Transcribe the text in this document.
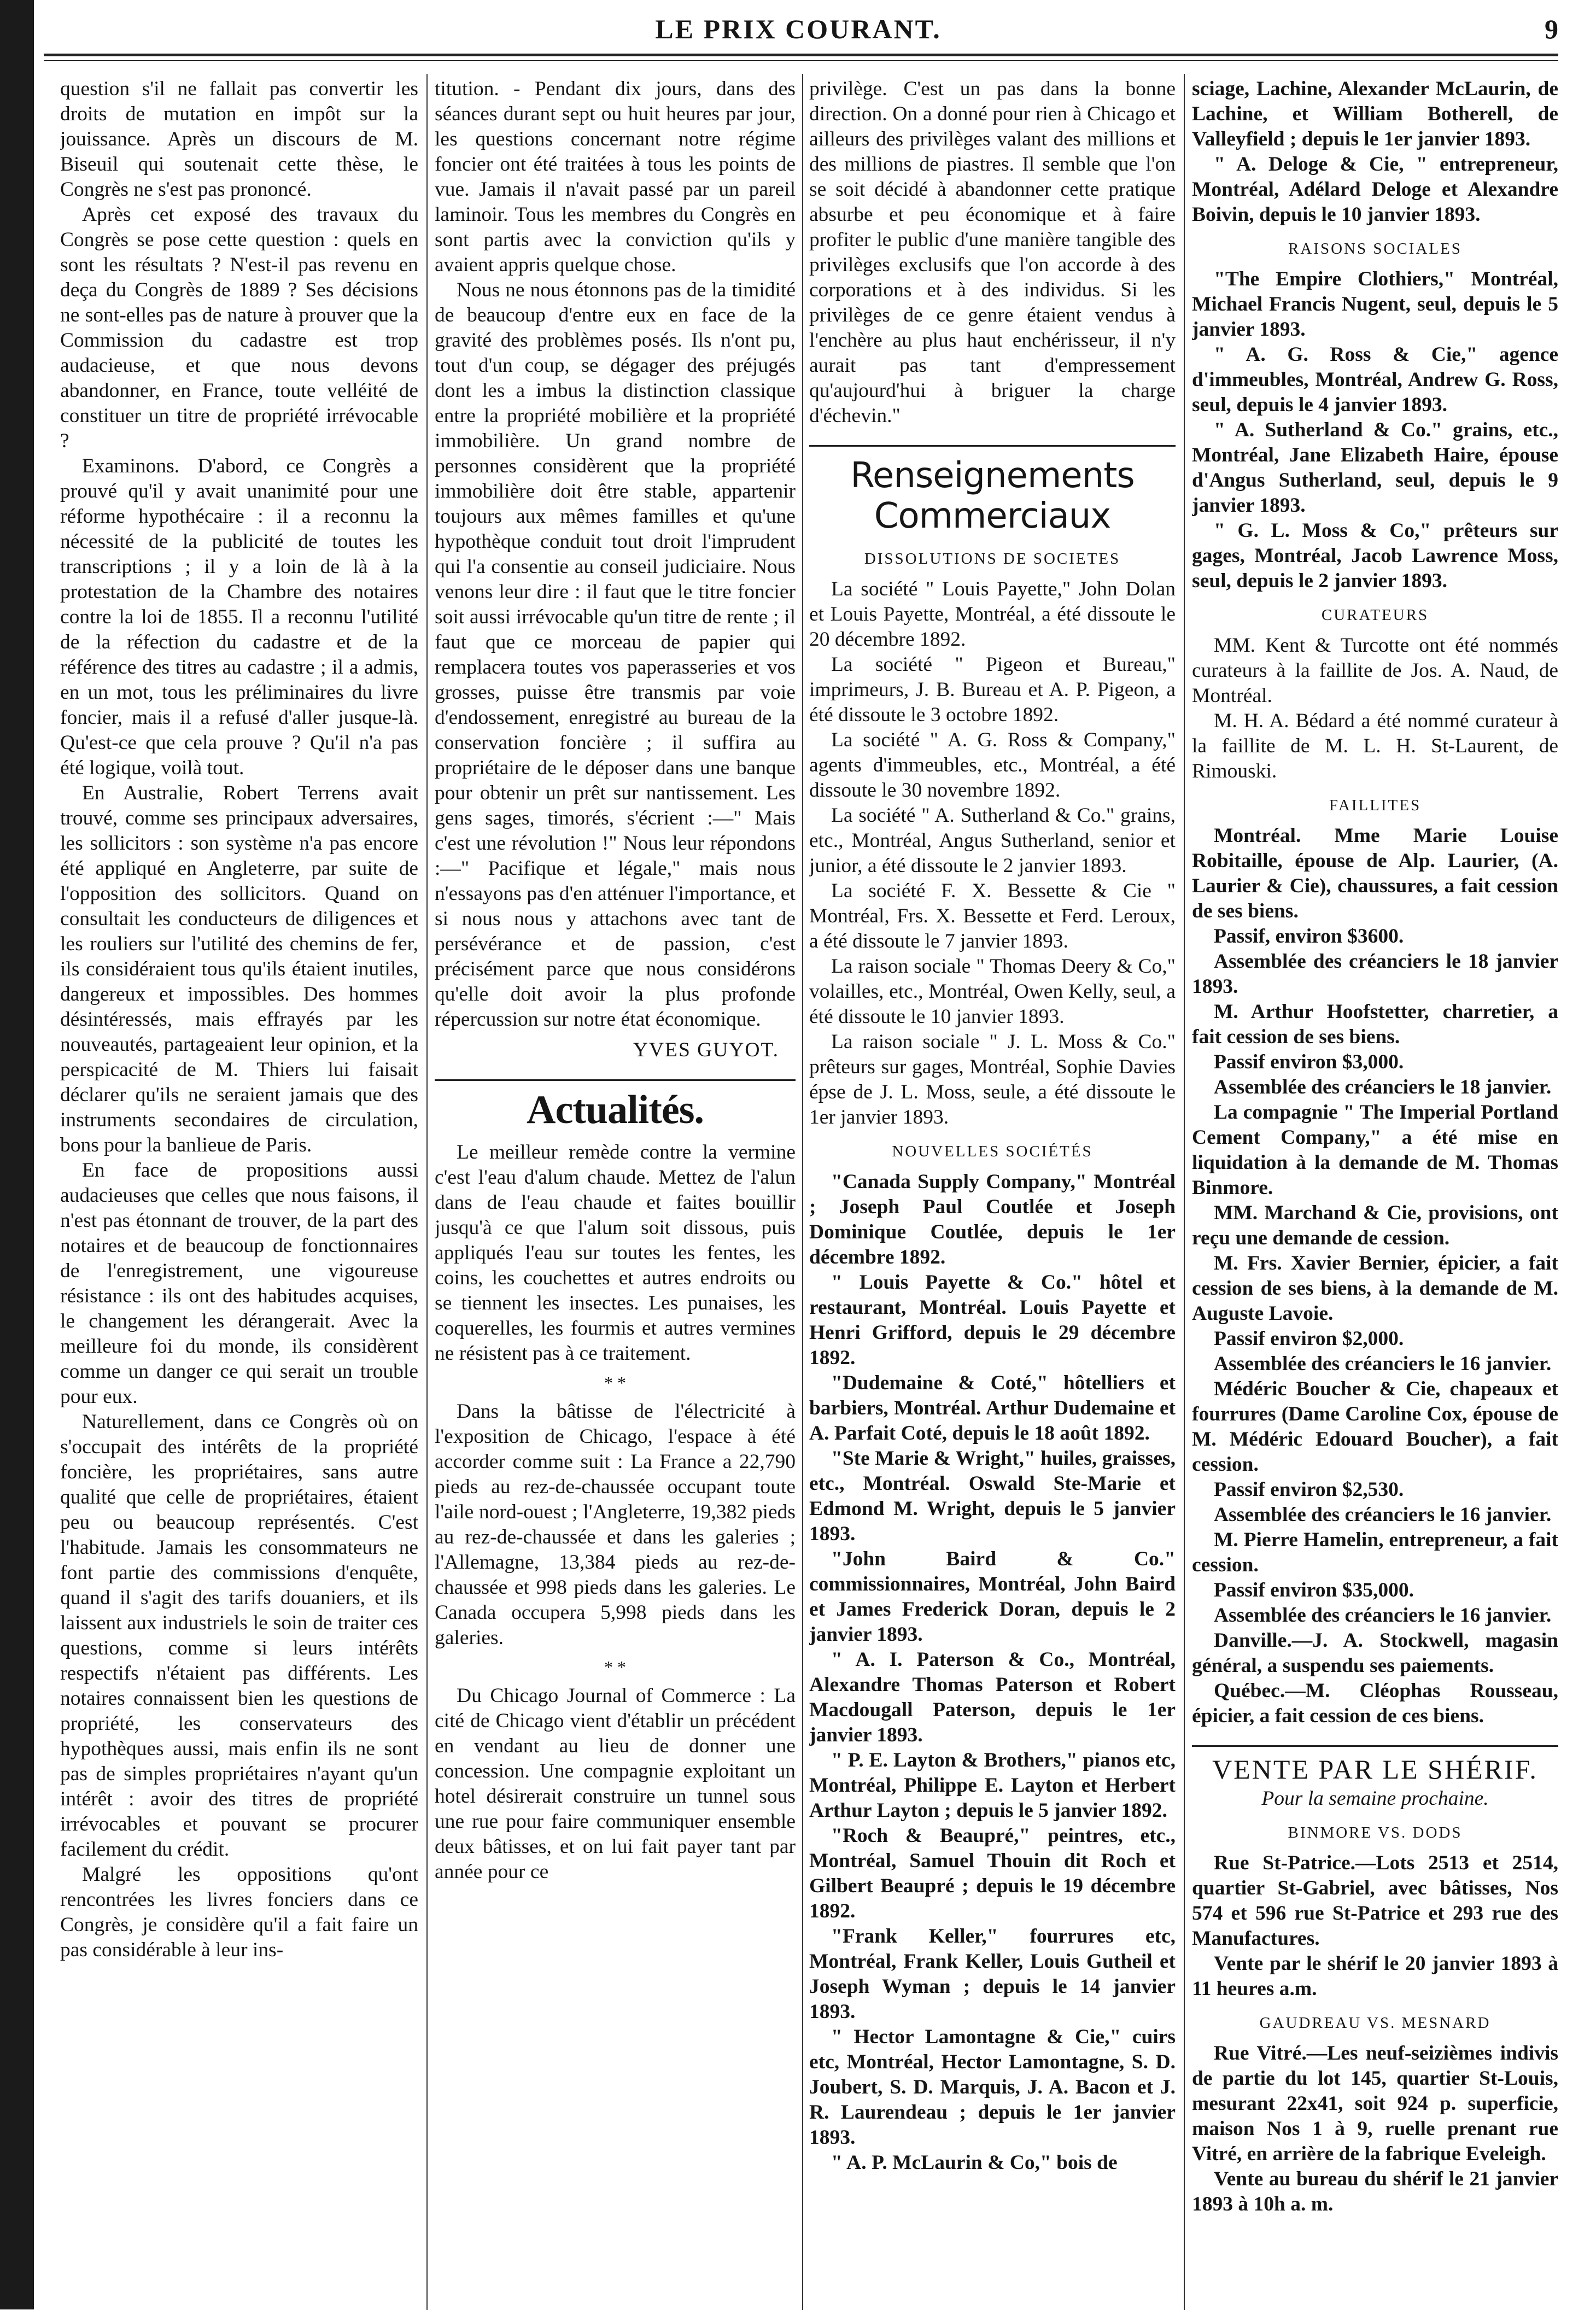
LE PRIX COURANT.	9

question s'il ne fallait pas convertir les droits de mutation en impôt sur la jouissance. Après un discours de M. Biseuil qui soutenait cette thèse, le Congrès ne s'est pas prononcé.

Après cet exposé des travaux du Congrès se pose cette question : quels en sont les résultats ? N'est-il pas revenu en deça du Congrès de 1889 ? Ses décisions ne sont-elles pas de nature à prouver que la Commission du cadastre est trop audacieuse, et que nous devons abandonner, en France, toute velléité de constituer un titre de propriété irrévocable ?

Examinons. D'abord, ce Congrès a prouvé qu'il y avait unanimité pour une réforme hypothécaire : il a reconnu la nécessité de la publicité de toutes les transcriptions ; il y a loin de là à la protestation de la Chambre des notaires contre la loi de 1855. Il a reconnu l'utilité de la réfection du cadastre et de la référence des titres au cadastre ; il a admis, en un mot, tous les préliminaires du livre foncier, mais il a refusé d'aller jusque-là. Qu'est-ce que cela prouve ? Qu'il n'a pas été logique, voilà tout.

En Australie, Robert Terrens avait trouvé, comme ses principaux adversaires, les sollicitors : son système n'a pas encore été appliqué en Angleterre, par suite de l'opposition des sollicitors. Quand on consultait les conducteurs de diligences et les rouliers sur l'utilité des chemins de fer, ils considéraient tous qu'ils étaient inutiles, dangereux et impossibles. Des hommes désintéressés, mais effrayés par les nouveautés, partageaient leur opinion, et la perspicacité de M. Thiers lui faisait déclarer qu'ils ne seraient jamais que des instruments secondaires de circulation, bons pour la banlieue de Paris.

En face de propositions aussi audacieuses que celles que nous faisons, il n'est pas étonnant de trouver, de la part des notaires et de beaucoup de fonctionnaires de l'enregistrement, une vigoureuse résistance : ils ont des habitudes acquises, le changement les dérangerait. Avec la meilleure foi du monde, ils considèrent comme un danger ce qui serait un trouble pour eux.

Naturellement, dans ce Congrès où on s'occupait des intérêts de la propriété foncière, les propriétaires, sans autre qualité que celle de propriétaires, étaient peu ou beaucoup représentés. C'est l'habitude. Jamais les consommateurs ne font partie des commissions d'enquête, quand il s'agit des tarifs douaniers, et ils laissent aux industriels le soin de traiter ces questions, comme si leurs intérêts respectifs n'étaient pas différents. Les notaires connaissent bien les questions de propriété, les conservateurs des hypothèques aussi, mais enfin ils ne sont pas de simples propriétaires n'ayant qu'un intérêt : avoir des titres de propriété irrévocables et pouvant se procurer facilement du crédit.

Malgré les oppositions qu'ont rencontrées les livres fonciers dans ce Congrès, je considère qu'il a fait faire un pas considérable à leur ins-

titution. - Pendant dix jours, dans des séances durant sept ou huit heures par jour, les questions concernant notre régime foncier ont été traitées à tous les points de vue. Jamais il n'avait passé par un pareil laminoir. Tous les membres du Congrès en sont partis avec la conviction qu'ils y avaient appris quelque chose.

Nous ne nous étonnons pas de la timidité de beaucoup d'entre eux en face de la gravité des problèmes posés. Ils n'ont pu, tout d'un coup, se dégager des préjugés dont les a imbus la distinction classique entre la propriété mobilière et la propriété immobilière. Un grand nombre de personnes considèrent que la propriété immobilière doit être stable, appartenir toujours aux mêmes familles et qu'une hypothèque conduit tout droit l'imprudent qui l'a consentie au conseil judiciaire. Nous venons leur dire : il faut que le titre foncier soit aussi irrévocable qu'un titre de rente ; il faut que ce morceau de papier qui remplacera toutes vos paperasseries et vos grosses, puisse être transmis par voie d'endossement, enregistré au bureau de la conservation foncière ; il suffira au propriétaire de le déposer dans une banque pour obtenir un prêt sur nantissement. Les gens sages, timorés, s'écrient :—" Mais c'est une révolution !" Nous leur répondons :—" Pacifique et légale," mais nous n'essayons pas d'en atténuer l'importance, et si nous nous y attachons avec tant de persévérance et de passion, c'est précisément parce que nous considérons qu'elle doit avoir la plus profonde répercussion sur notre état économique.

YVES GUYOT.
Actualités.

Le meilleur remède contre la vermine c'est l'eau d'alum chaude. Mettez de l'alun dans de l'eau chaude et faites bouillir jusqu'à ce que l'alum soit dissous, puis appliqués l'eau sur toutes les fentes, les coins, les couchettes et autres endroits ou se tiennent les insectes. Les punaises, les coquerelles, les fourmis et autres vermines ne résistent pas à ce traitement.

* *

Dans la bâtisse de l'électricité à l'exposition de Chicago, l'espace à été accorder comme suit : La France a 22,790 pieds au rez-de-chaussée occupant toute l'aile nord-ouest ; l'Angleterre, 19,382 pieds au rez-de-chaussée et dans les galeries ; l'Allemagne, 13,384 pieds au rez-de-chaussée et 998 pieds dans les galeries. Le Canada occupera 5,998 pieds dans les galeries.

* *

Du Chicago Journal of Commerce : La cité de Chicago vient d'établir un précédent en vendant au lieu de donner une concession. Une compagnie exploitant un hotel désirerait construire un tunnel sous une rue pour faire communiquer ensemble deux bâtisses, et on lui fait payer tant par année pour ce

privilège. C'est un pas dans la bonne direction. On a donné pour rien à Chicago et ailleurs des privilèges valant des millions et des millions de piastres. Il semble que l'on se soit décidé à abandonner cette pratique absurbe et peu économique et à faire profiter le public d'une manière tangible des privilèges exclusifs que l'on accorde à des corporations et à des individus. Si les privilèges de ce genre étaient vendus à l'enchère au plus haut enchérisseur, il n'y aurait pas tant d'empressement qu'aujourd'hui à briguer la charge d'échevin."

Renseignements Commerciaux
DISSOLUTIONS DE SOCIETES

La société " Louis Payette," John Dolan et Louis Payette, Montréal, a été dissoute le 20 décembre 1892.

La société " Pigeon et Bureau," imprimeurs, J. B. Bureau et A. P. Pigeon, a été dissoute le 3 octobre 1892.

La société " A. G. Ross & Company," agents d'immeubles, etc., Montréal, a été dissoute le 30 novembre 1892.

La société " A. Sutherland & Co." grains, etc., Montréal, Angus Sutherland, senior et junior, a été dissoute le 2 janvier 1893.

La société F. X. Bessette & Cie " Montréal, Frs. X. Bessette et Ferd. Leroux, a été dissoute le 7 janvier 1893.

La raison sociale " Thomas Deery & Co," volailles, etc., Montréal, Owen Kelly, seul, a été dissoute le 10 janvier 1893.

La raison sociale " J. L. Moss & Co." prêteurs sur gages, Montréal, Sophie Davies épse de J. L. Moss, seule, a été dissoute le 1er janvier 1893.

NOUVELLES SOCIÉTÉS

"Canada Supply Company," Montréal ; Joseph Paul Coutlée et Joseph Dominique Coutlée, depuis le 1er décembre 1892.

" Louis Payette & Co." hôtel et restaurant, Montréal. Louis Payette et Henri Grifford, depuis le 29 décembre 1892.

"Dudemaine & Coté," hôtelliers et barbiers, Montréal. Arthur Dudemaine et A. Parfait Coté, depuis le 18 août 1892.

"Ste Marie & Wright," huiles, graisses, etc., Montréal. Oswald Ste-Marie et Edmond M. Wright, depuis le 5 janvier 1893.

"John Baird & Co." commissionnaires, Montréal, John Baird et James Frederick Doran, depuis le 2 janvier 1893.

" A. I. Paterson & Co., Montréal, Alexandre Thomas Paterson et Robert Macdougall Paterson, depuis le 1er janvier 1893.

" P. E. Layton & Brothers," pianos etc, Montréal, Philippe E. Layton et Herbert Arthur Layton ; depuis le 5 janvier 1892.

"Roch & Beaupré," peintres, etc., Montréal, Samuel Thouin dit Roch et Gilbert Beaupré ; depuis le 19 décembre 1892.

"Frank Keller," fourrures etc, Montréal, Frank Keller, Louis Gutheil et Joseph Wyman ; depuis le 14 janvier 1893.

" Hector Lamontagne & Cie," cuirs etc, Montréal, Hector Lamontagne, S. D. Joubert, S. D. Marquis, J. A. Bacon et J. R. Laurendeau ; depuis le 1er janvier 1893.

" A. P. McLaurin & Co," bois de

sciage, Lachine, Alexander McLaurin, de Lachine, et William Botherell, de Valleyfield ; depuis le 1er janvier 1893.

" A. Deloge & Cie, " entrepreneur, Montréal, Adélard Deloge et Alexandre Boivin, depuis le 10 janvier 1893.

RAISONS SOCIALES

"The Empire Clothiers," Montréal, Michael Francis Nugent, seul, depuis le 5 janvier 1893.

" A. G. Ross & Cie," agence d'immeubles, Montréal, Andrew G. Ross, seul, depuis le 4 janvier 1893.

" A. Sutherland & Co." grains, etc., Montréal, Jane Elizabeth Haire, épouse d'Angus Sutherland, seul, depuis le 9 janvier 1893.

" G. L. Moss & Co," prêteurs sur gages, Montréal, Jacob Lawrence Moss, seul, depuis le 2 janvier 1893.

CURATEURS

MM. Kent & Turcotte ont été nommés curateurs à la faillite de Jos. A. Naud, de Montréal.

M. H. A. Bédard a été nommé curateur à la faillite de M. L. H. St-Laurent, de Rimouski.

FAILLITES

Montréal. Mme Marie Louise Robitaille, épouse de Alp. Laurier, (A. Laurier & Cie), chaussures, a fait cession de ses biens.

Passif, environ $3600.

Assemblée des créanciers le 18 janvier 1893.

M. Arthur Hoofstetter, charretier, a fait cession de ses biens.

Passif environ $3,000.

Assemblée des créanciers le 18 janvier.

La compagnie " The Imperial Portland Cement Company," a été mise en liquidation à la demande de M. Thomas Binmore.

MM. Marchand & Cie, provisions, ont reçu une demande de cession.

M. Frs. Xavier Bernier, épicier, a fait cession de ses biens, à la demande de M. Auguste Lavoie.

Passif environ $2,000.

Assemblée des créanciers le 16 janvier.

Médéric Boucher & Cie, chapeaux et fourrures (Dame Caroline Cox, épouse de M. Médéric Edouard Boucher), a fait cession.

Passif environ $2,530.

Assemblée des créanciers le 16 janvier.

M. Pierre Hamelin, entrepreneur, a fait cession.

Passif environ $35,000.

Assemblée des créanciers le 16 janvier.

Danville.—J. A. Stockwell, magasin général, a suspendu ses paiements.

Québec.—M. Cléophas Rousseau, épicier, a fait cession de ces biens.

VENTE PAR LE SHÉRIF.
Pour la semaine prochaine.
BINMORE VS. DODS

Rue St-Patrice.—Lots 2513 et 2514, quartier St-Gabriel, avec bâtisses, Nos 574 et 596 rue St-Patrice et 293 rue des Manufactures.

Vente par le shérif le 20 janvier 1893 à 11 heures a.m.

GAUDREAU VS. MESNARD

Rue Vitré.—Les neuf-seizièmes indivis de partie du lot 145, quartier St-Louis, mesurant 22x41, soit 924 p. superficie, maison Nos 1 à 9, ruelle prenant rue Vitré, en arrière de la fabrique Eveleigh.

Vente au bureau du shérif le 21 janvier 1893 à 10h a. m.
